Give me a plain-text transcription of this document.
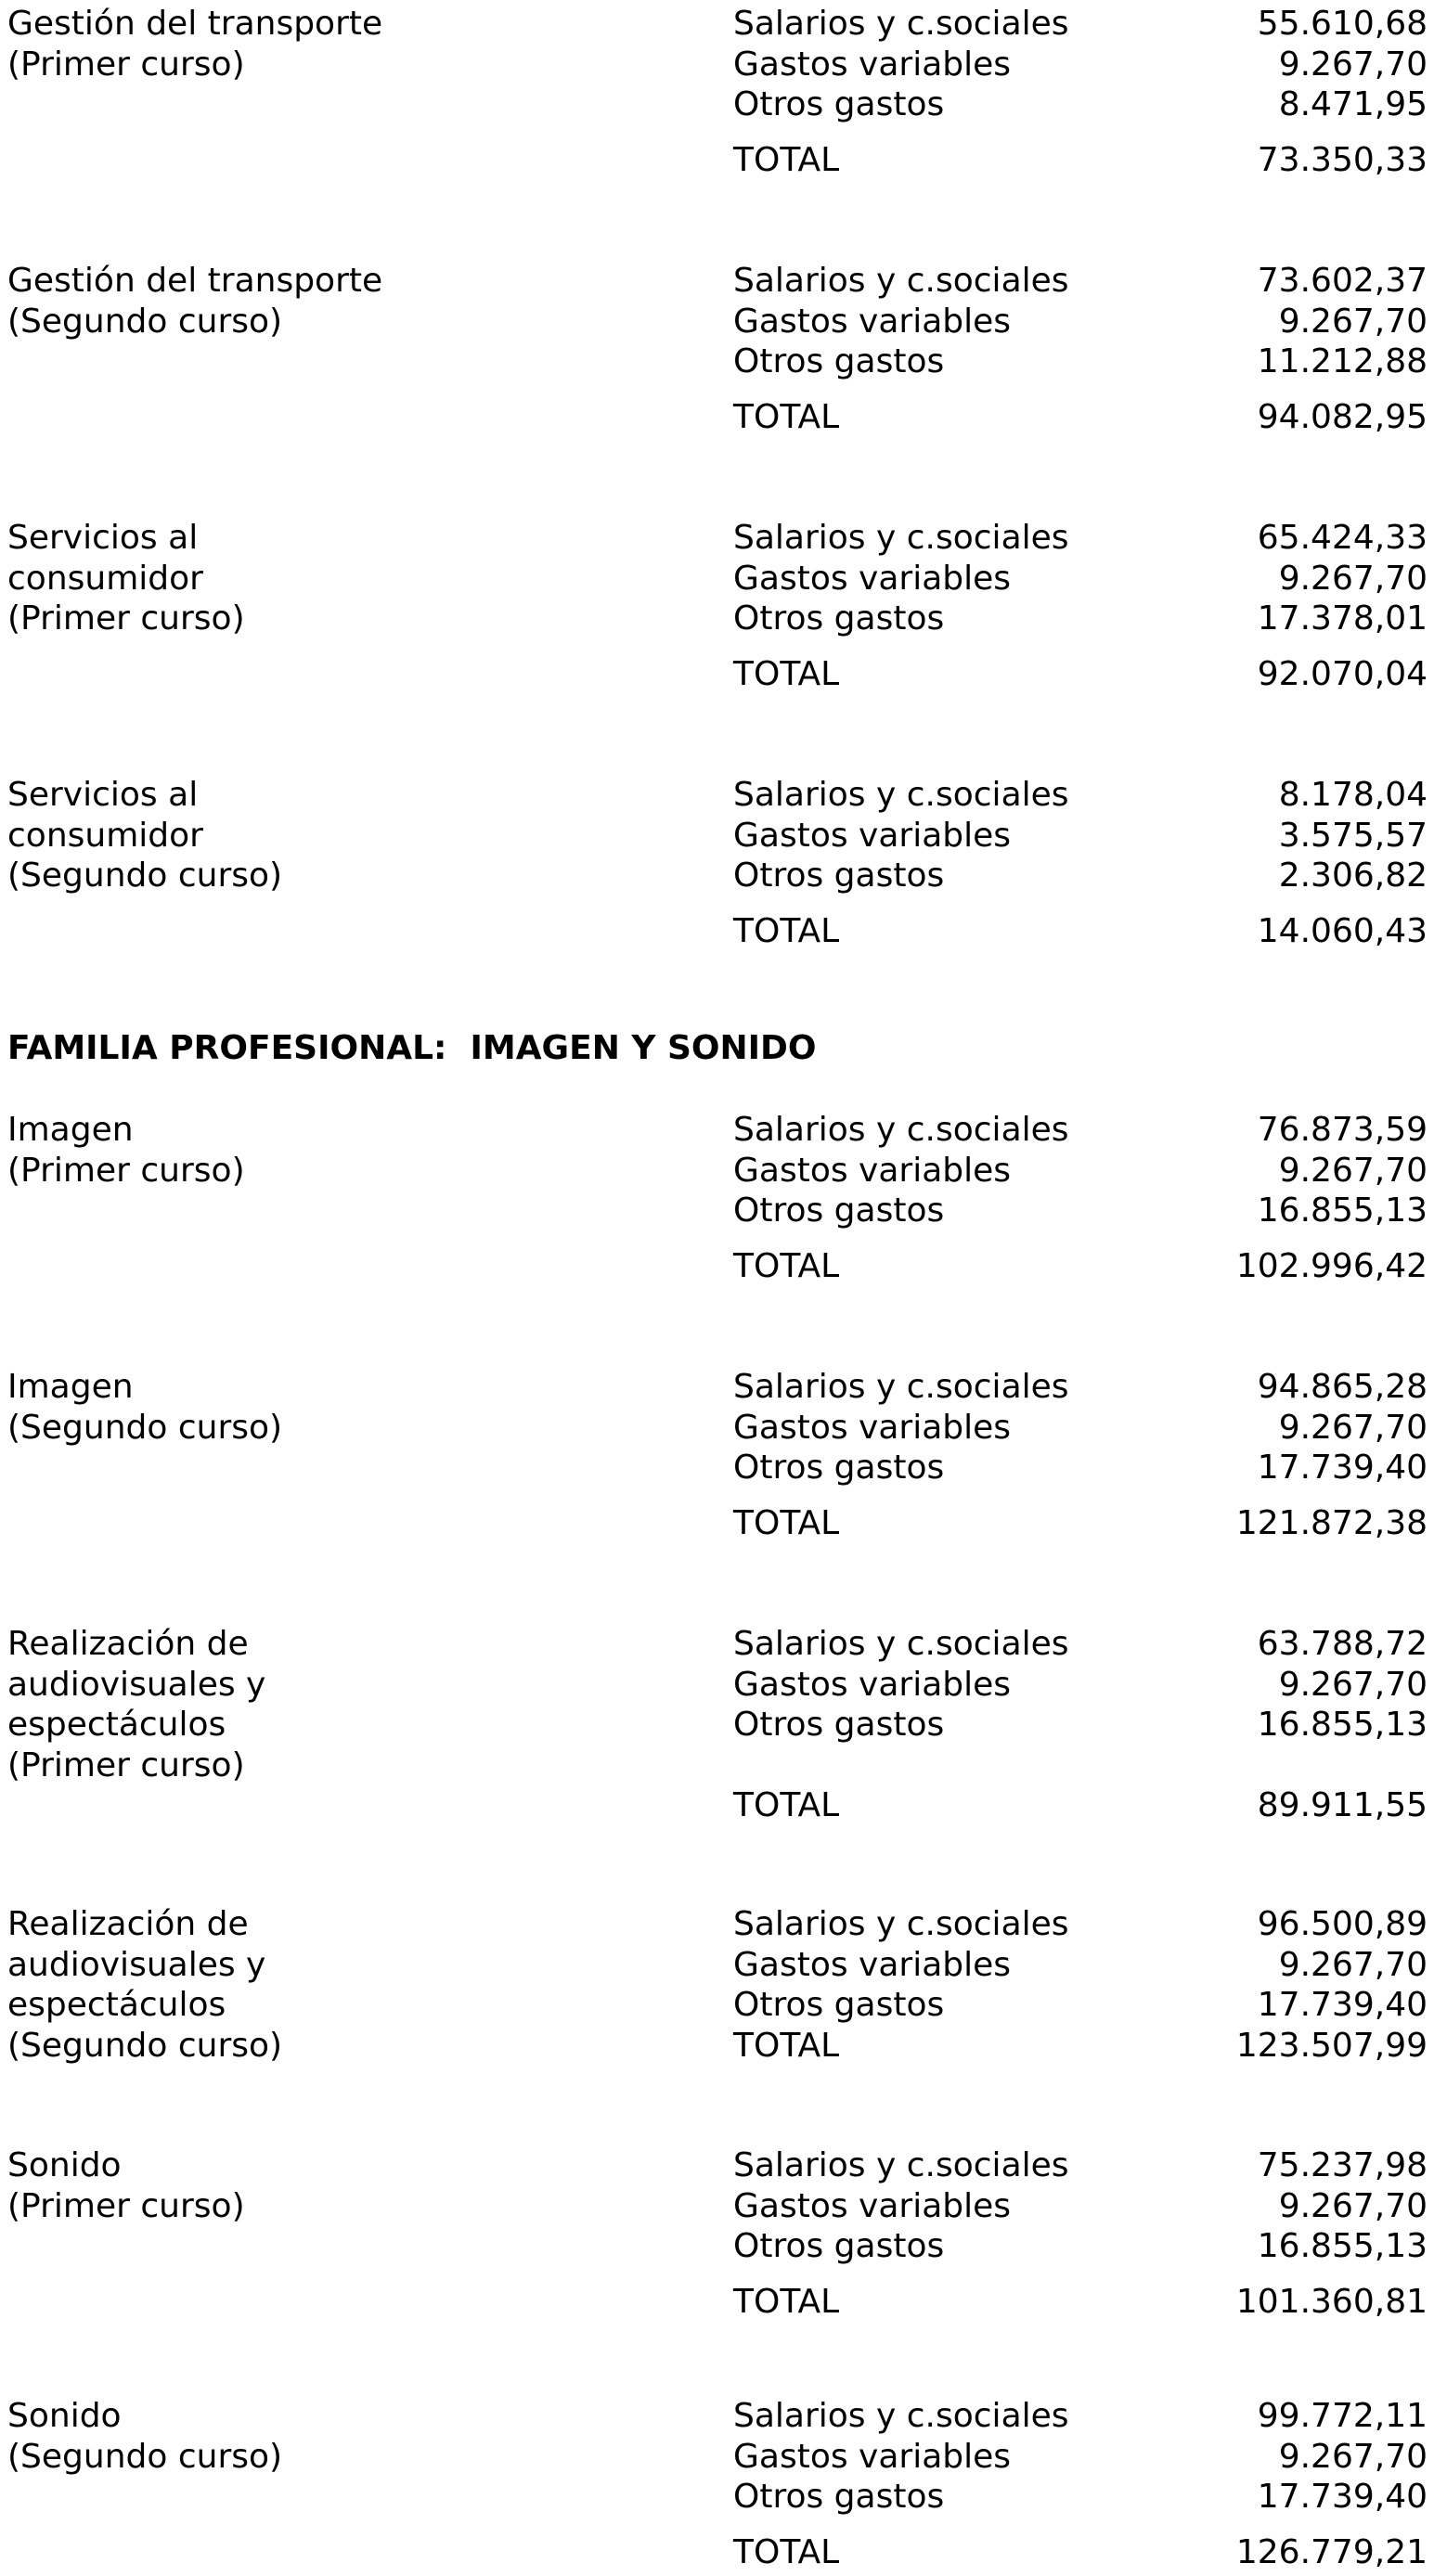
Gestión del transporte
(Primer curso)
Salarios y c.sociales	55.610,68
Gastos variables	9.267,70
Otros gastos	8.471,95
TOTAL	73.350,33
Gestión del transporte
(Segundo curso)
Salarios y c.sociales	73.602,37
Gastos variables	9.267,70
Otros gastos	11.212,88
TOTAL	94.082,95
Servicios al
consumidor
(Primer curso)
Salarios y c.sociales	65.424,33
Gastos variables	9.267,70
Otros gastos	17.378,01
TOTAL	92.070,04
Servicios al
consumidor
(Segundo curso)
Salarios y c.sociales	8.178,04
Gastos variables	3.575,57
Otros gastos	2.306,82
TOTAL	14.060,43
FAMILIA PROFESIONAL:  IMAGEN Y SONIDO
Imagen
(Primer curso)
Salarios y c.sociales	76.873,59
Gastos variables	9.267,70
Otros gastos	16.855,13
TOTAL	102.996,42
Imagen
(Segundo curso)
Salarios y c.sociales	94.865,28
Gastos variables	9.267,70
Otros gastos	17.739,40
TOTAL	121.872,38
Realización de
audiovisuales y
espectáculos
(Primer curso)
Salarios y c.sociales	63.788,72
Gastos variables	9.267,70
Otros gastos	16.855,13
TOTAL	89.911,55
Realización de
audiovisuales y
espectáculos
(Segundo curso)
Salarios y c.sociales	96.500,89
Gastos variables	9.267,70
Otros gastos	17.739,40
TOTAL	123.507,99
Sonido
(Primer curso)
Salarios y c.sociales	75.237,98
Gastos variables	9.267,70
Otros gastos	16.855,13
TOTAL	101.360,81
Sonido
(Segundo curso)
Salarios y c.sociales	99.772,11
Gastos variables	9.267,70
Otros gastos	17.739,40
TOTAL	126.779,21
